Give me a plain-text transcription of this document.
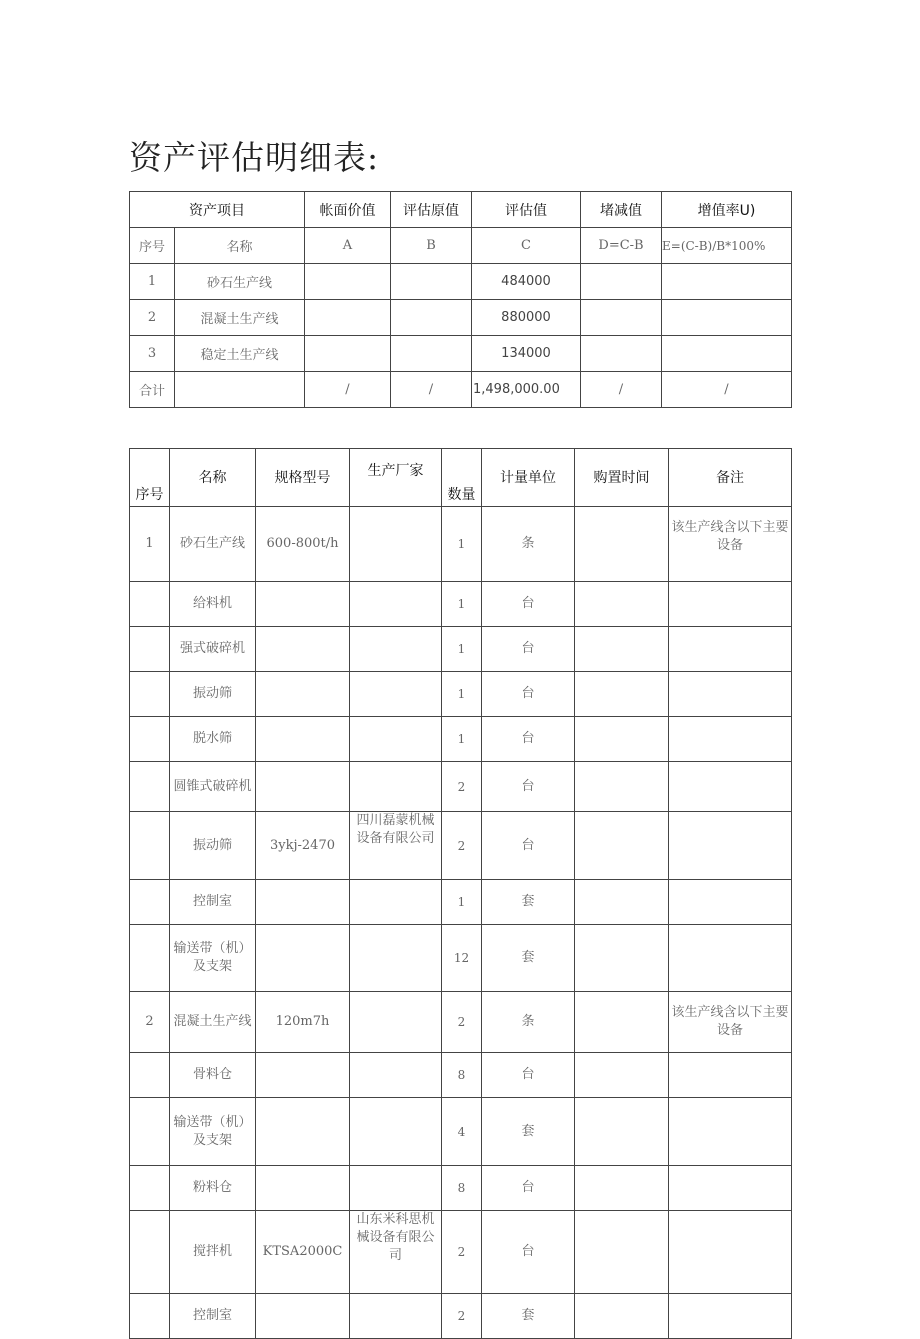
资产评估明细表:
资产项目		帐面价值	评估原值	评估值	堵减值	增值率U)
序号	名称	A	B	C	D=C-B	E=(C-B)/B*100%
1	砂石生产线			484000		
2	混凝土生产线			880000		
3	稳定土生产线			134000		
合计		/	/	1,498,000.00	/	/
序号	名称	规格型号	生产厂家	数量	计量单位	购置时间	备注
1	砂石生产线	600-800t/h		1	条		该生产线含以下主要设备
	给料机			1	台		
	强式破碎机			1	台		
	振动筛			1	台		
	脱水筛			1	台		
	圆锥式破碎机			2	台		
	振动筛	3ykj-2470	四川磊蒙机械设备有限公司	2	台		
	控制室			1	套		
	输送带（机）及支架			12	套		
2	混凝土生产线	120m7h		2	条		该生产线含以下主要设备
	骨料仓			8	台		
	输送带（机）及支架			4	套		
	粉料仓			8	台		
	搅拌机	KTSA2000C	山东米科思机械设备有限公司	2	台		
	控制室			2	套		
